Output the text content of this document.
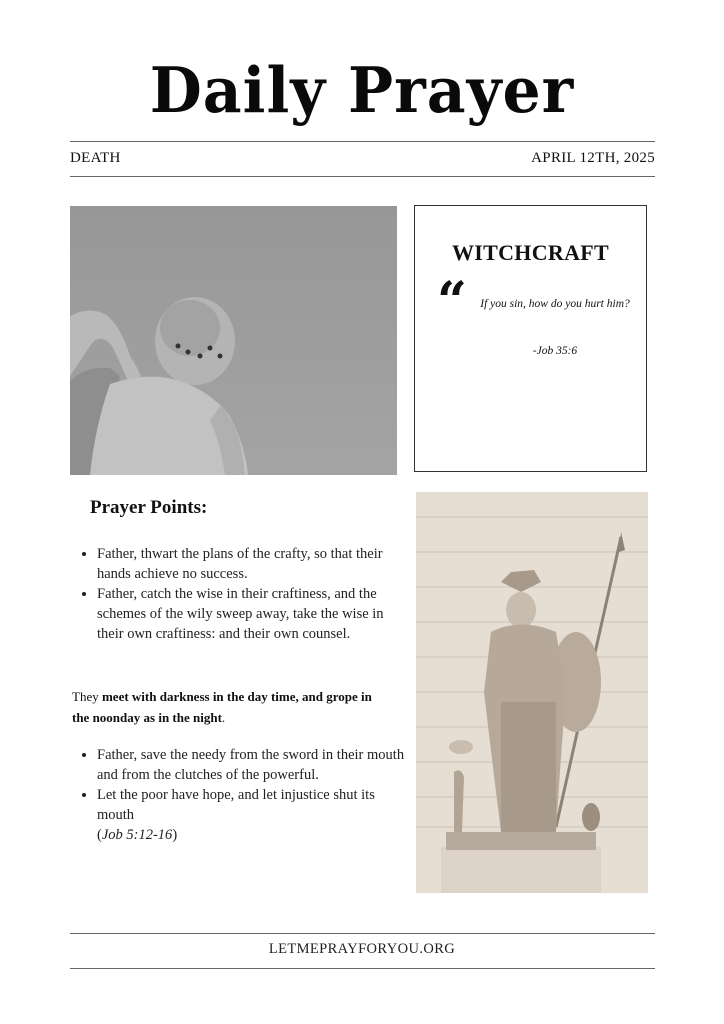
Daily Prayer
DEATH	APRIL 12TH, 2025
WITCHCRAFT
“	If you sin, how do you hurt him?
-Job 35:6
Prayer Points:
• Father, thwart the plans of the crafty, so that their hands achieve no success.
• Father, catch the wise in their craftiness, and the schemes of the wily sweep away, take the wise in their own craftiness: and their own counsel.
They meet with darkness in the day time, and grope in the noonday as in the night.
• Father, save the needy from the sword in their mouth and from the clutches of the powerful.
• Let the poor have hope, and let injustice shut its mouth
(Job 5:12-16)
LETMEPRAYFORYOU.ORG
